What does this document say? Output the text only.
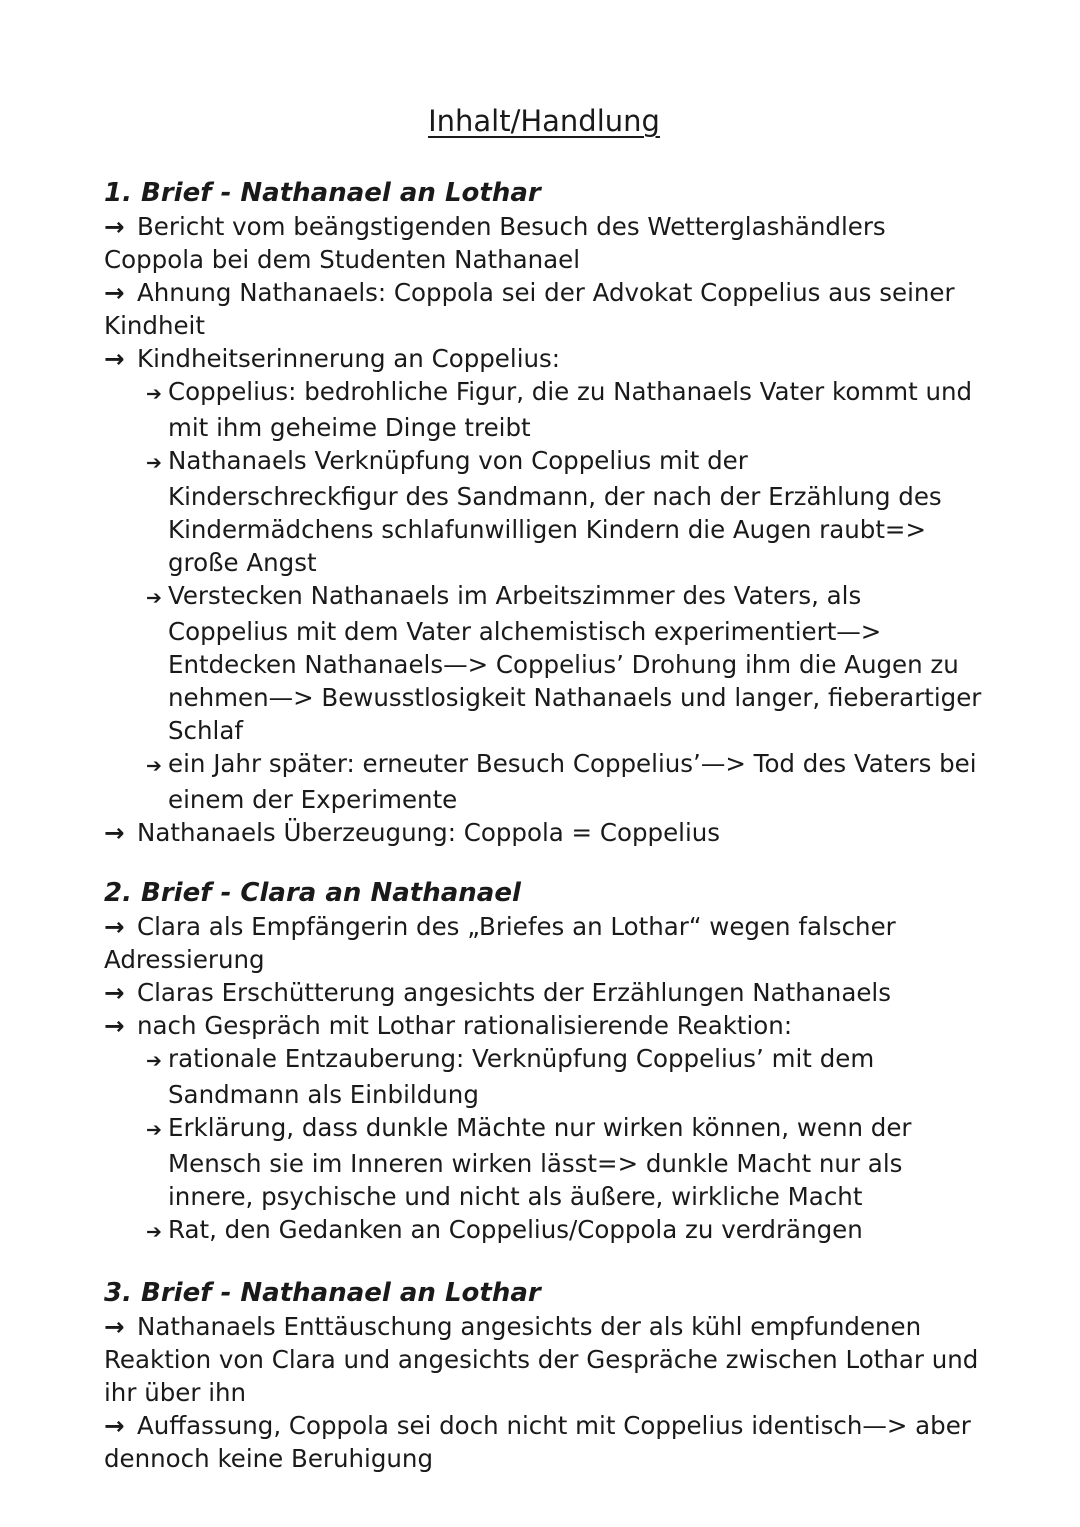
Inhalt/Handlung
1. Brief - Nathanael an Lothar
→ Bericht vom beängstigenden Besuch des Wetterglashändlers Coppola bei dem Studenten Nathanael
→ Ahnung Nathanaels: Coppola sei der Advokat Coppelius aus seiner Kindheit
→ Kindheitserinnerung an Coppelius:
➔ Coppelius: bedrohliche Figur, die zu Nathanaels Vater kommt und mit ihm geheime Dinge treibt
➔ Nathanaels Verknüpfung von Coppelius mit der Kinderschreckfigur des Sandmann, der nach der Erzählung des Kindermädchens schlafunwilligen Kindern die Augen raubt=> große Angst
➔ Verstecken Nathanaels im Arbeitszimmer des Vaters, als Coppelius mit dem Vater alchemistisch experimentiert—> Entdecken Nathanaels—> Coppelius’ Drohung ihm die Augen zu nehmen—> Bewusstlosigkeit Nathanaels und langer, fieberartiger Schlaf
➔ ein Jahr später: erneuter Besuch Coppelius’—> Tod des Vaters bei einem der Experimente
→ Nathanaels Überzeugung: Coppola = Coppelius
2. Brief - Clara an Nathanael
→ Clara als Empfängerin des „Briefes an Lothar“ wegen falscher Adressierung
→ Claras Erschütterung angesichts der Erzählungen Nathanaels
→ nach Gespräch mit Lothar rationalisierende Reaktion:
➔ rationale Entzauberung: Verknüpfung Coppelius’ mit dem Sandmann als Einbildung
➔ Erklärung, dass dunkle Mächte nur wirken können, wenn der Mensch sie im Inneren wirken lässt=> dunkle Macht nur als innere, psychische und nicht als äußere, wirkliche Macht
➔ Rat, den Gedanken an Coppelius/Coppola zu verdrängen
3. Brief - Nathanael an Lothar
→ Nathanaels Enttäuschung angesichts der als kühl empfundenen Reaktion von Clara und angesichts der Gespräche zwischen Lothar und ihr über ihn
→ Auffassung, Coppola sei doch nicht mit Coppelius identisch—> aber dennoch keine Beruhigung
